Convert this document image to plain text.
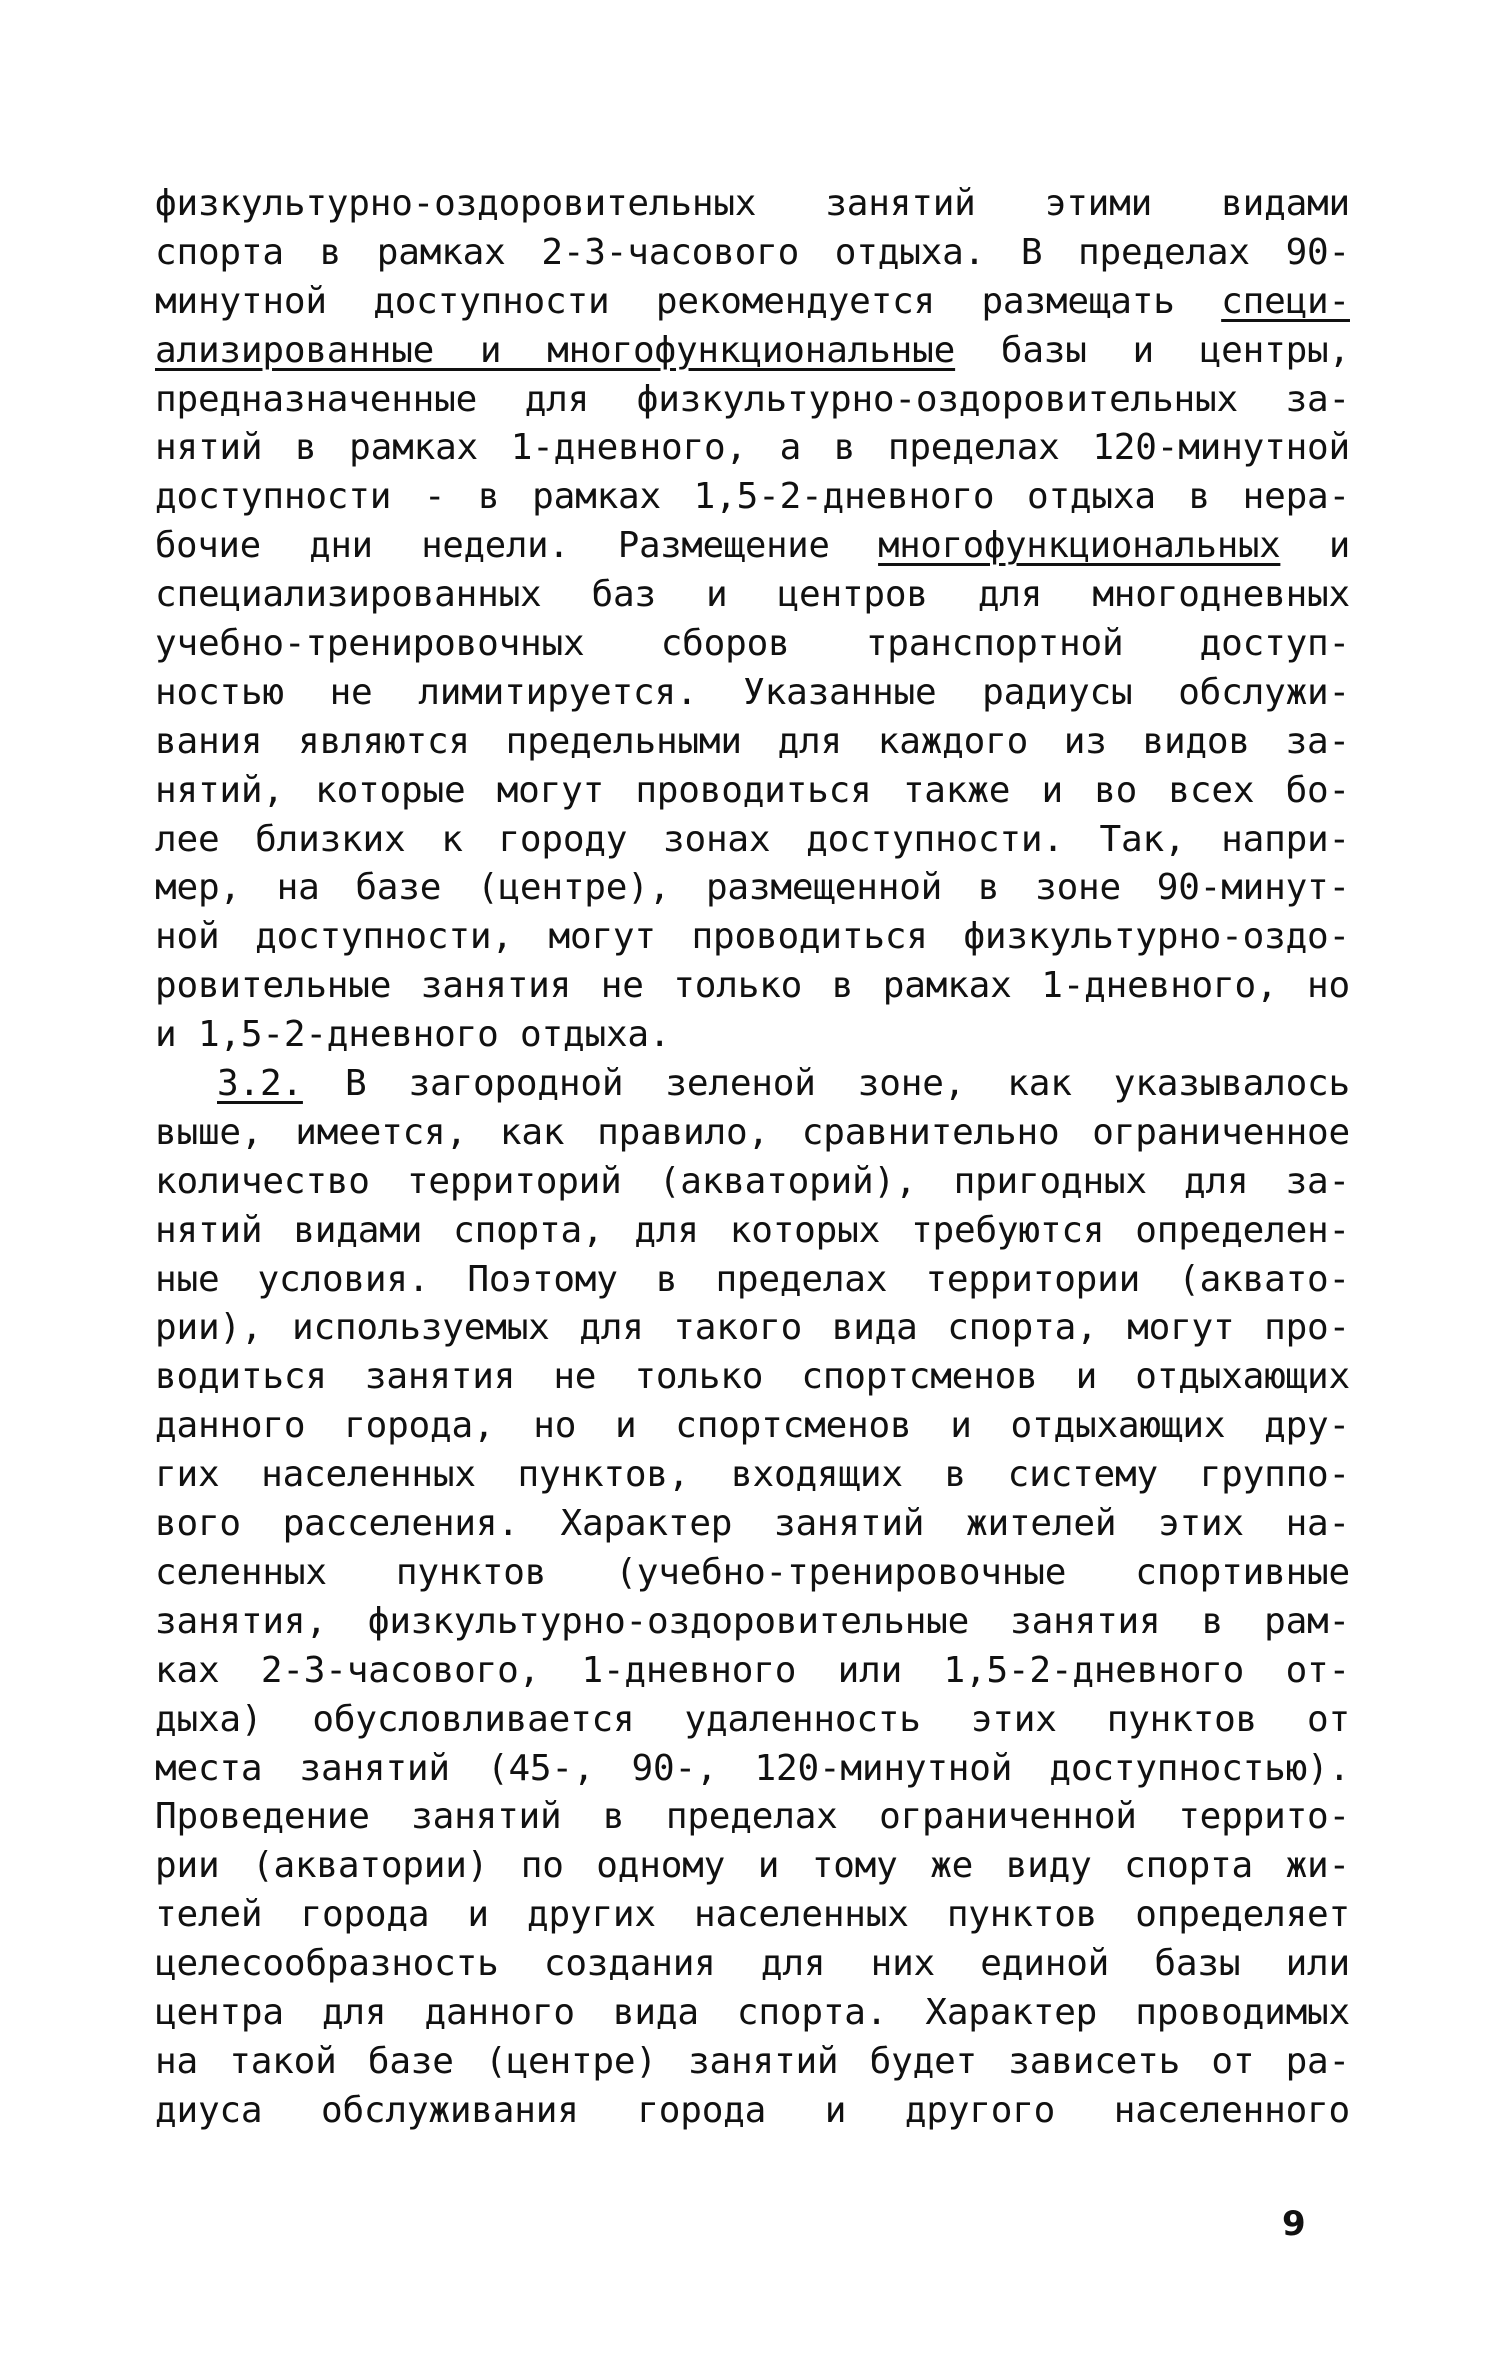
физкультурно-оздоровительных занятий этими видами
спорта в рамках 2-3-часового отдыха. В пределах 90-
минутной доступности рекомендуется размещать специ-
ализированные и многофункциональные базы и центры,
предназначенные для физкультурно-оздоровительных за-
нятий в рамках 1-дневного, а в пределах 120-минутной
доступности - в рамках 1,5-2-дневного отдыха в нера-
бочие дни недели. Размещение многофункциональных и
специализированных баз и центров для многодневных
учебно-тренировочных сборов транспортной доступ-
ностью не лимитируется. Указанные радиусы обслужи-
вания являются предельными для каждого из видов за-
нятий, которые могут проводиться также и во всех бо-
лее близких к городу зонах доступности. Так, напри-
мер, на базе (центре), размещенной в зоне 90-минут-
ной доступности, могут проводиться физкультурно-оздо-
ровительные занятия не только в рамках 1-дневного, но
и 1,5-2-дневного отдыха.
3.2. В загородной зеленой зоне, как указывалось
выше, имеется, как правило, сравнительно ограниченное
количество территорий (акваторий), пригодных для за-
нятий видами спорта, для которых требуются определен-
ные условия. Поэтому в пределах территории (аквато-
рии), используемых для такого вида спорта, могут про-
водиться занятия не только спортсменов и отдыхающих
данного города, но и спортсменов и отдыхающих дру-
гих населенных пунктов, входящих в систему группо-
вого расселения. Характер занятий жителей этих на-
селенных пунктов (учебно-тренировочные спортивные
занятия, физкультурно-оздоровительные занятия в рам-
ках 2-3-часового, 1-дневного или 1,5-2-дневного от-
дыха) обусловливается удаленность этих пунктов от
места занятий (45-, 90-, 120-минутной доступностью).
Проведение занятий в пределах ограниченной террито-
рии (акватории) по одному и тому же виду спорта жи-
телей города и других населенных пунктов определяет
целесообразность создания для них единой базы или
центра для данного вида спорта. Характер проводимых
на такой базе (центре) занятий будет зависеть от ра-
диуса обслуживания города и другого населенного
9
